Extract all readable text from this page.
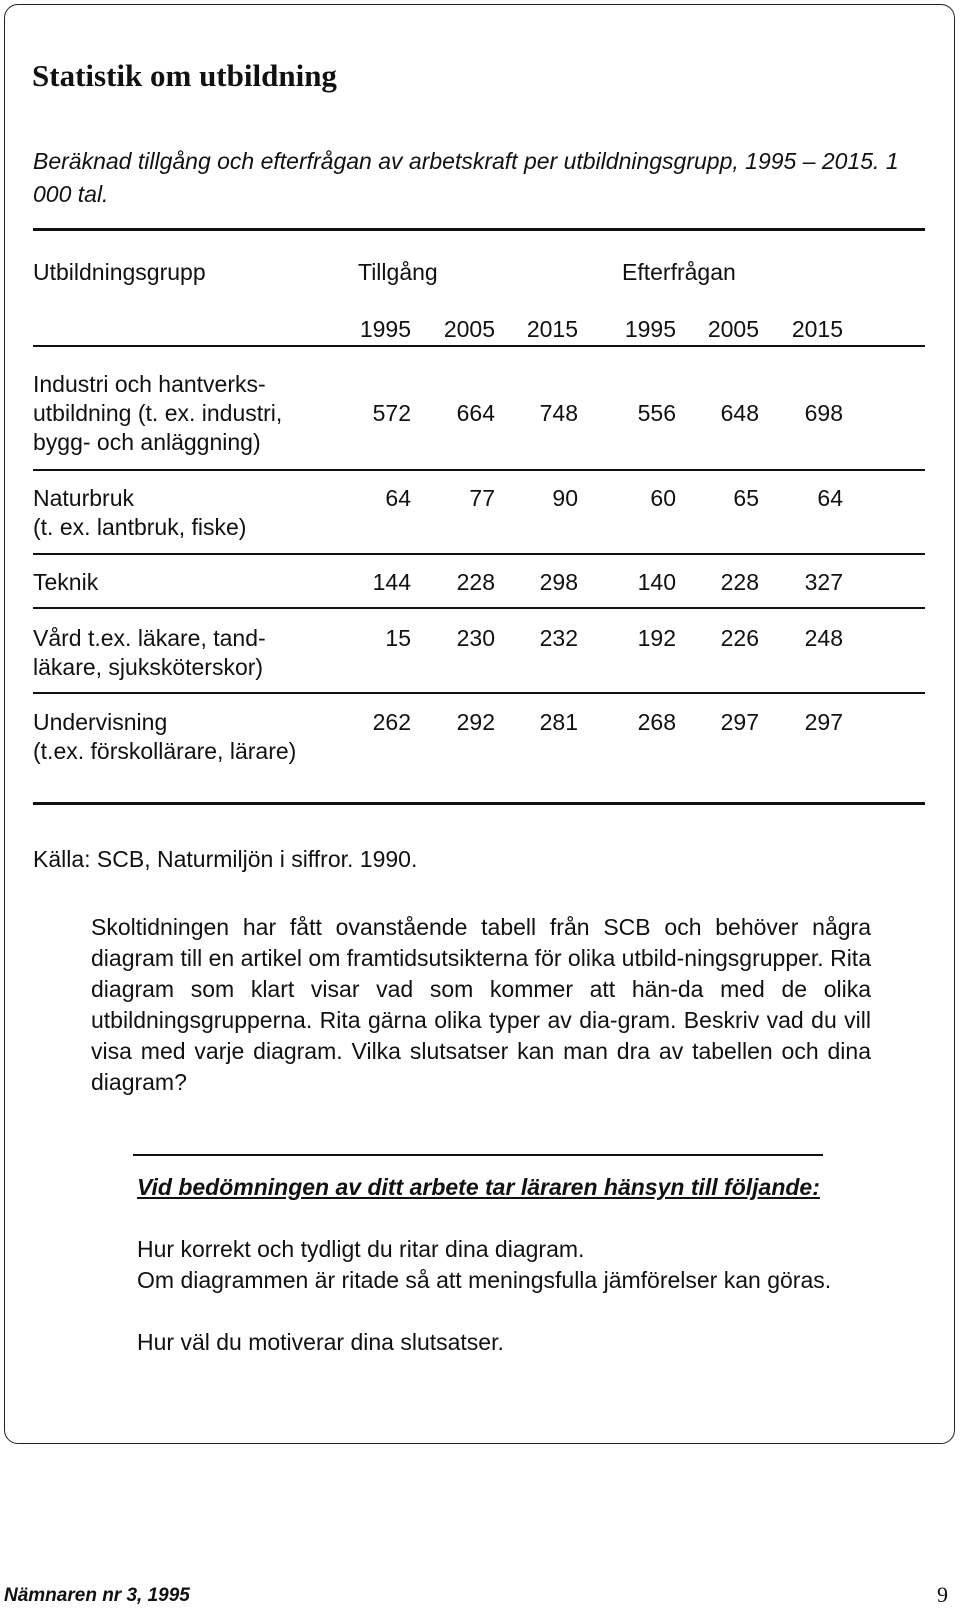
Statistik om utbildning
Beräknad tillgång och efterfrågan av arbetskraft per utbildningsgrupp, 1995 – 2015. 1 000 tal.
Utbildningsgrupp	Tillgång	Efterfrågan
1995	2005	2015	1995	2005	2015
Industri och hantverks-
utbildning (t. ex. industri,
bygg- och anläggning)
572	664	748	556	648	698
Naturbruk
(t. ex. lantbruk, fiske)
64	77	90	60	65	64
Teknik	144	228	298	140	228	327
Vård t.ex. läkare, tand-
läkare, sjuksköterskor)
15	230	232	192	226	248
Undervisning
(t.ex. förskollärare, lärare)
262	292	281	268	297	297
Källa: SCB, Naturmiljön i siffror. 1990.
Skoltidningen har fått ovanstående tabell från SCB och behöver några diagram till en artikel om framtidsutsikterna för olika utbild-ningsgrupper. Rita diagram som klart visar vad som kommer att hän-da med de olika utbildningsgrupperna. Rita gärna olika typer av dia-gram. Beskriv vad du vill visa med varje diagram. Vilka slutsatser kan man dra av tabellen och dina diagram?
Vid bedömningen av ditt arbete tar läraren hänsyn till följande:
Hur korrekt och tydligt du ritar dina diagram.
Om diagrammen är ritade så att meningsfulla jämförelser kan göras.
Hur väl du motiverar dina slutsatser.
Nämnaren nr 3, 1995	9
